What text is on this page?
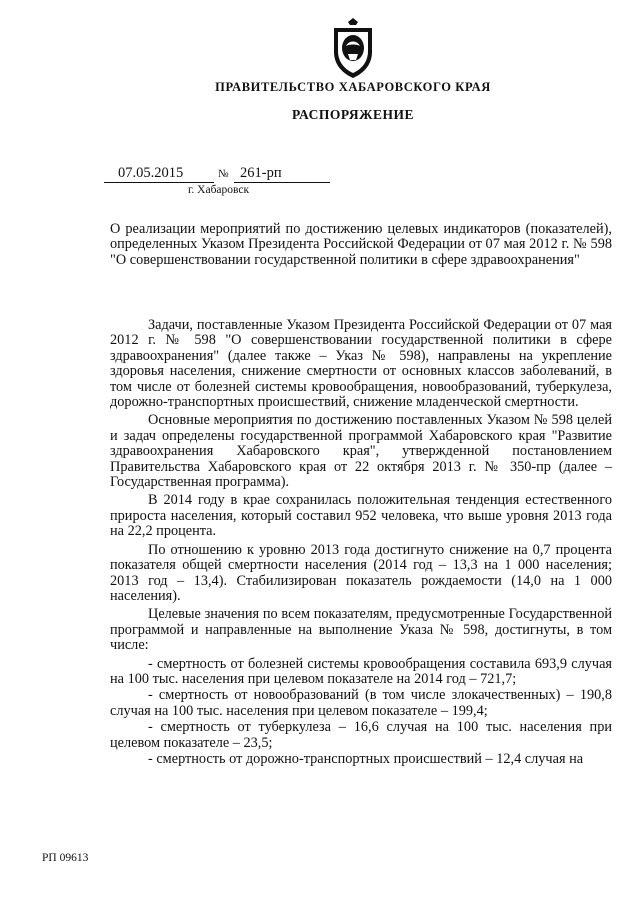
ПРАВИТЕЛЬСТВО ХАБАРОВСКОГО КРАЯ
РАСПОРЯЖЕНИЕ
07.05.2015	№ 261-рп
г. Хабаровск
О реализации мероприятий по достижению целевых индикаторов (показателей), определенных Указом Президента Российской Федерации от 07 мая 2012 г. № 598 "О совершенствовании государственной политики в сфере здравоохранения"

Задачи, поставленные Указом Президента Российской Федерации от 07 мая 2012 г. № 598 "О совершенствовании государственной политики в сфере здравоохранения" (далее также – Указ № 598), направлены на укрепление здоровья населения, снижение смертности от основных классов заболеваний, в том числе от болезней системы кровообращения, новообразований, туберкулеза, дорожно-транспортных происшествий, снижение младенческой смертности.

Основные мероприятия по достижению поставленных Указом № 598 целей и задач определены государственной программой Хабаровского края "Развитие здравоохранения Хабаровского края", утвержденной постановлением Правительства Хабаровского края от 22 октября 2013 г. № 350-пр (далее – Государственная программа).

В 2014 году в крае сохранилась положительная тенденция естественного прироста населения, который составил 952 человека, что выше уровня 2013 года на 22,2 процента.

По отношению к уровню 2013 года достигнуто снижение на 0,7 процента показателя общей смертности населения (2014 год – 13,3 на 1 000 населения; 2013 год – 13,4). Стабилизирован показатель рождаемости (14,0 на 1 000 населения).

Целевые значения по всем показателям, предусмотренные Государственной программой и направленные на выполнение Указа № 598, достигнуты, в том числе:

- смертность от болезней системы кровообращения составила 693,9 случая на 100 тыс. населения при целевом показателе на 2014 год – 721,7;

- смертность от новообразований (в том числе злокачественных) – 190,8 случая на 100 тыс. населения при целевом показателе – 199,4;

- смертность от туберкулеза – 16,6 случая на 100 тыс. населения при целевом показателе – 23,5;

- смертность от дорожно-транспортных происшествий – 12,4 случая на

РП 09613
